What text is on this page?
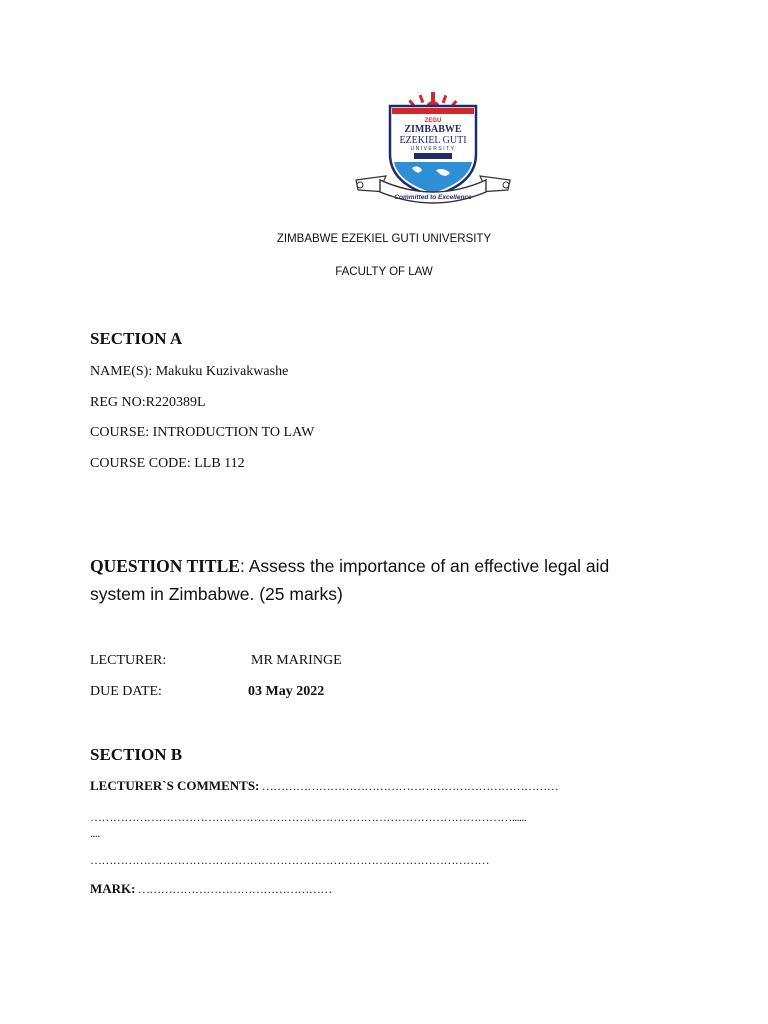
ZEGU
ZIMBABWE
EZEKIEL GUTI
UNIVERSITY
Committed to Excellence
ZIMBABWE EZEKIEL GUTI UNIVERSITY
FACULTY OF LAW
SECTION A
NAME(S): Makuku Kuzivakwashe
REG NO:R220389L
COURSE: INTRODUCTION TO LAW
COURSE CODE: LLB 112
QUESTION TITLE: Assess the importance of an effective legal aid system in Zimbabwe. (25 marks)
LECTURER:	MR MARINGE
DUE DATE:	03 May 2022
SECTION B
LECTURER`S COMMENTS: ……………………………………………………………………
…………………………………………………………………………………………………......
....
……………………………………………………………………………………………
MARK: ……………………………………………
